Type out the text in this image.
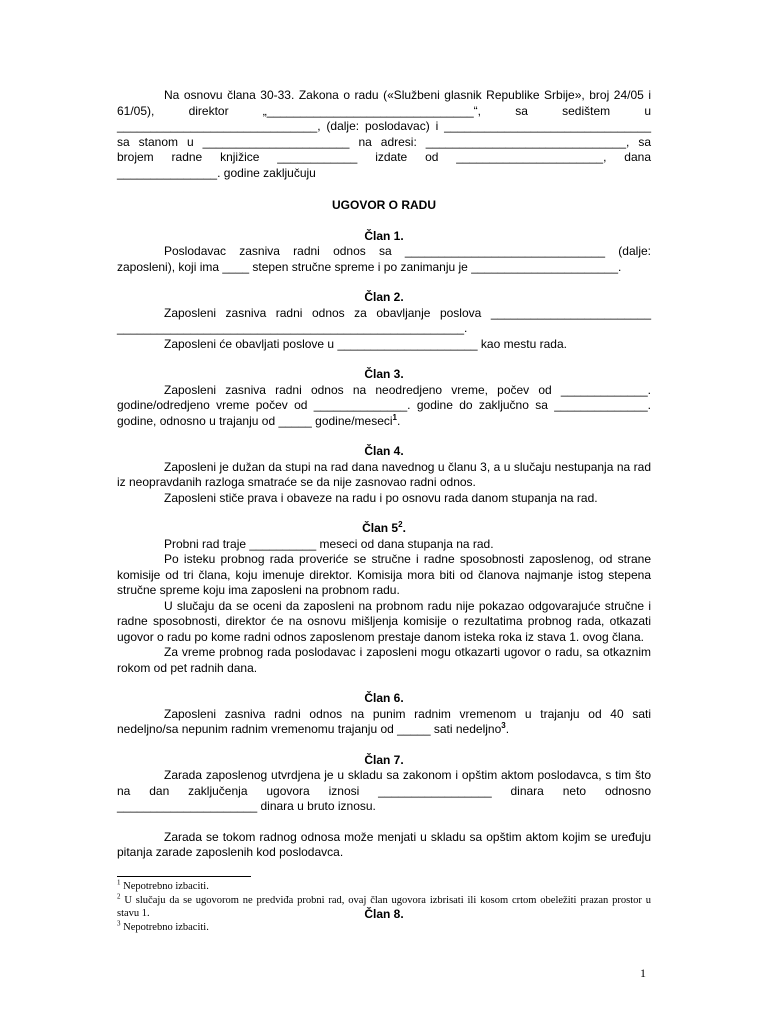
Na osnovu člana 30-33. Zakona o radu («Službeni glasnik Republike Srbije», broj 24/05 i 61/05), direktor „_______________________________“, sa sedištem u ______________________________, (dalje: poslodavac) i _______________________________ sa stanom u ______________________ na adresi: ______________________________, sa brojem radne knjižice ____________ izdate od ______________________, dana _______________. godine zaključuju

UGOVOR O RADU

Član 1.

Poslodavac zasniva radni odnos sa ______________________________ (dalje: zaposleni), koji ima ____ stepen stručne spreme i po zanimanju je ______________________.

Član 2.

Zaposleni zasniva radni odnos za obavljanje poslova ________________________ ____________________________________________________.

Zaposleni će obavljati poslove u _____________________ kao mestu rada.

Član 3.

Zaposleni zasniva radni odnos na neodredjeno vreme, počev od _____________. godine/odredjeno vreme počev od ______________. godine do zaključno sa ______________. godine, odnosno u trajanju od _____ godine/meseci$^1$.

Član 4.

Zaposleni je dužan da stupi na rad dana navednog u članu 3, a u slučaju nestupanja na rad iz neopravdanih razloga smatraće se da nije zasnovao radni odnos.

Zaposleni stiče prava i obaveze na radu i po osnovu rada danom stupanja na rad.

Član $5^2$.

Probni rad traje __________ meseci od dana stupanja na rad.

Po isteku probnog rada proveriće se stručne i radne sposobnosti zaposlenog, od strane komisije od tri člana, koju imenuje direktor. Komisija mora biti od članova najmanje istog stepena stručne spreme koju ima zaposleni na probnom radu.

U slučaju da se oceni da zaposleni na probnom radu nije pokazao odgovarajuće stručne i radne sposobnosti, direktor će na osnovu mišljenja komisije o rezultatima probnog rada, otkazati ugovor o radu po kome radni odnos zaposlenom prestaje danom isteka roka iz stava 1. ovog člana.

Za vreme probnog rada poslodavac i zaposleni mogu otkazarti ugovor o radu, sa otkaznim rokom od pet radnih dana.

Član 6.

Zaposleni zasniva radni odnos na punim radnim vremenom u trajanju od 40 sati nedeljno/sa nepunim radnim vremenomu trajanju od _____ sati nedeljno$^3$.

Član 7.

Zarada zaposlenog utvrdjena je u skladu sa zakonom i opštim aktom poslodavca, s tim što na dan zaključenja ugovora iznosi _________________ dinara neto odnosno _____________________ dinara u bruto iznosu.

Zarada se tokom radnog odnosa može menjati u skladu sa opštim aktom kojim se uređuju pitanja zarade zaposlenih kod poslodavca.

Član 8.

$^1$ Nepotrebno izbaciti.

$^2$ U slučaju da se ugovorom ne predviđa probni rad, ovaj član ugovora izbrisati ili kosom crtom obeležiti prazan prostor u stavu 1.

$^3$ Nepotrebno izbaciti.

1
